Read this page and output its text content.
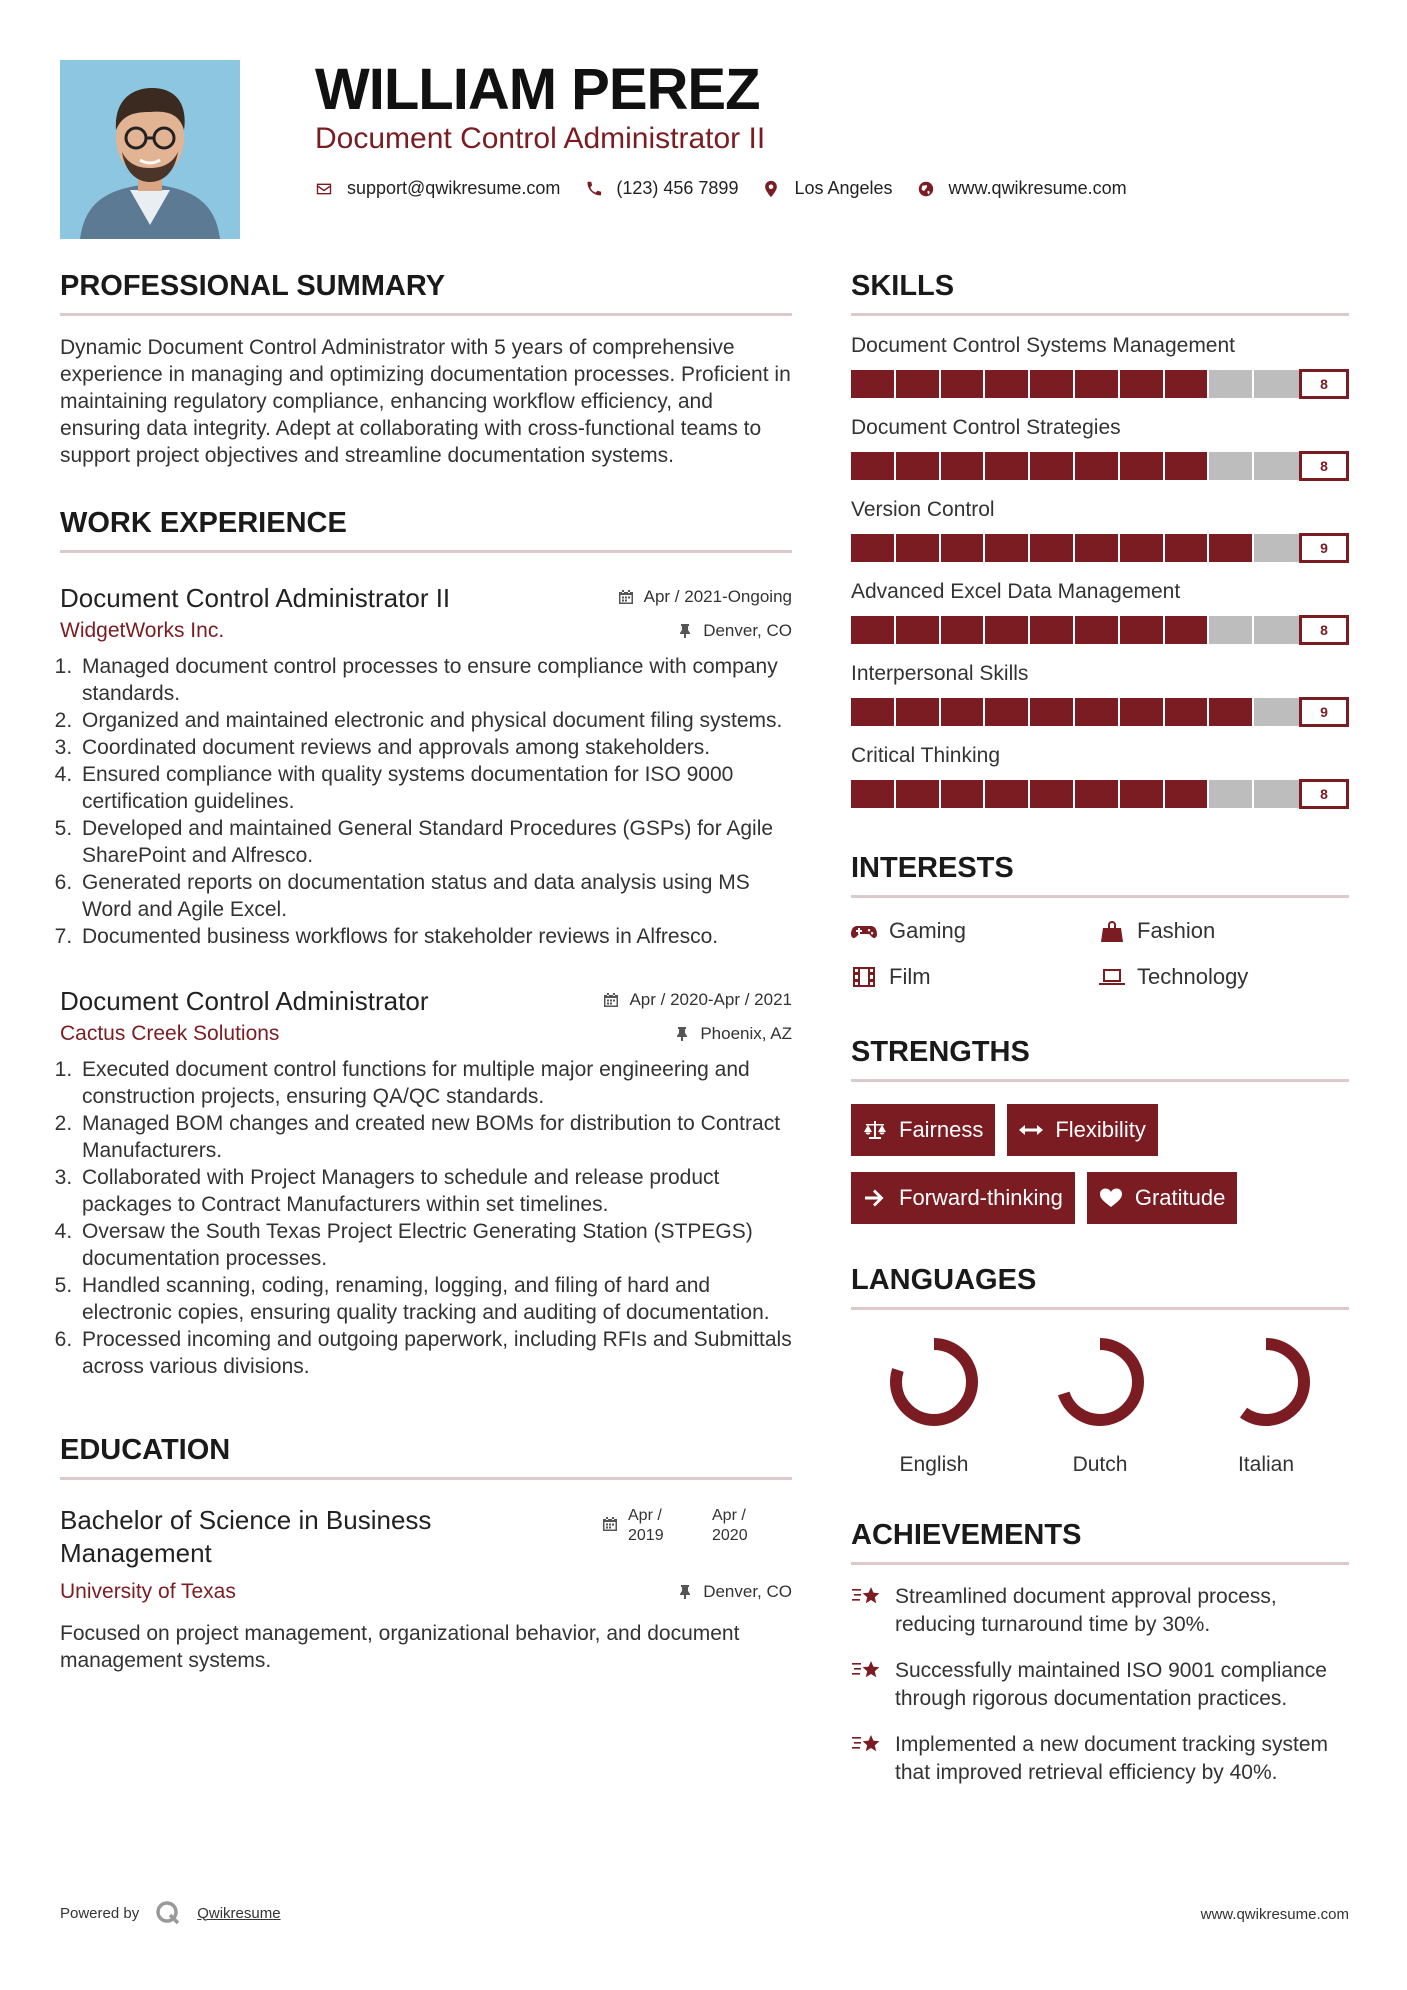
WILLIAM PEREZ
Document Control Administrator II
support@qwikresume.com	(123) 456 7899	Los Angeles	www.qwikresume.com
PROFESSIONAL SUMMARY

Dynamic Document Control Administrator with 5 years of comprehensive experience in managing and optimizing documentation processes. Proficient in maintaining regulatory compliance, enhancing workflow efficiency, and ensuring data integrity. Adept at collaborating with cross-functional teams to support project objectives and streamline documentation systems.

WORK EXPERIENCE
Document Control Administrator II
WidgetWorks Inc.
Apr / 2021-Ongoing
Denver, CO
1. Managed document control processes to ensure compliance with company standards.
2. Organized and maintained electronic and physical document filing systems.
3. Coordinated document reviews and approvals among stakeholders.
4. Ensured compliance with quality systems documentation for ISO 9000 certification guidelines.
5. Developed and maintained General Standard Procedures (GSPs) for Agile SharePoint and Alfresco.
6. Generated reports on documentation status and data analysis using MS Word and Agile Excel.
7. Documented business workflows for stakeholder reviews in Alfresco.
Document Control Administrator
Cactus Creek Solutions
Apr / 2020-Apr / 2021
Phoenix, AZ
1. Executed document control functions for multiple major engineering and construction projects, ensuring QA/QC standards.
2. Managed BOM changes and created new BOMs for distribution to Contract Manufacturers.
3. Collaborated with Project Managers to schedule and release product packages to Contract Manufacturers within set timelines.
4. Oversaw the South Texas Project Electric Generating Station (STPEGS) documentation processes.
5. Handled scanning, coding, renaming, logging, and filing of hard and electronic copies, ensuring quality tracking and auditing of documentation.
6. Processed incoming and outgoing paperwork, including RFIs and Submittals across various divisions.
EDUCATION
Bachelor of Science in Business Management
University of Texas
Apr / 2019
Apr / 2020
Denver, CO

Focused on project management, organizational behavior, and document management systems.

SKILLS
Document Control Systems Management
8
Document Control Strategies
8
Version Control
9
Advanced Excel Data Management
8
Interpersonal Skills
9
Critical Thinking
8
INTERESTS
Gaming	Fashion
Film	Technology
STRENGTHS
Fairness	Flexibility
Forward-thinking	Gratitude
LANGUAGES
English	Dutch	Italian
ACHIEVEMENTS
Streamlined document approval process, reducing turnaround time by 30%.
Successfully maintained ISO 9001 compliance through rigorous documentation practices.
Implemented a new document tracking system that improved retrieval efficiency by 40%.
Powered by	Qwikresume	www.qwikresume.com
